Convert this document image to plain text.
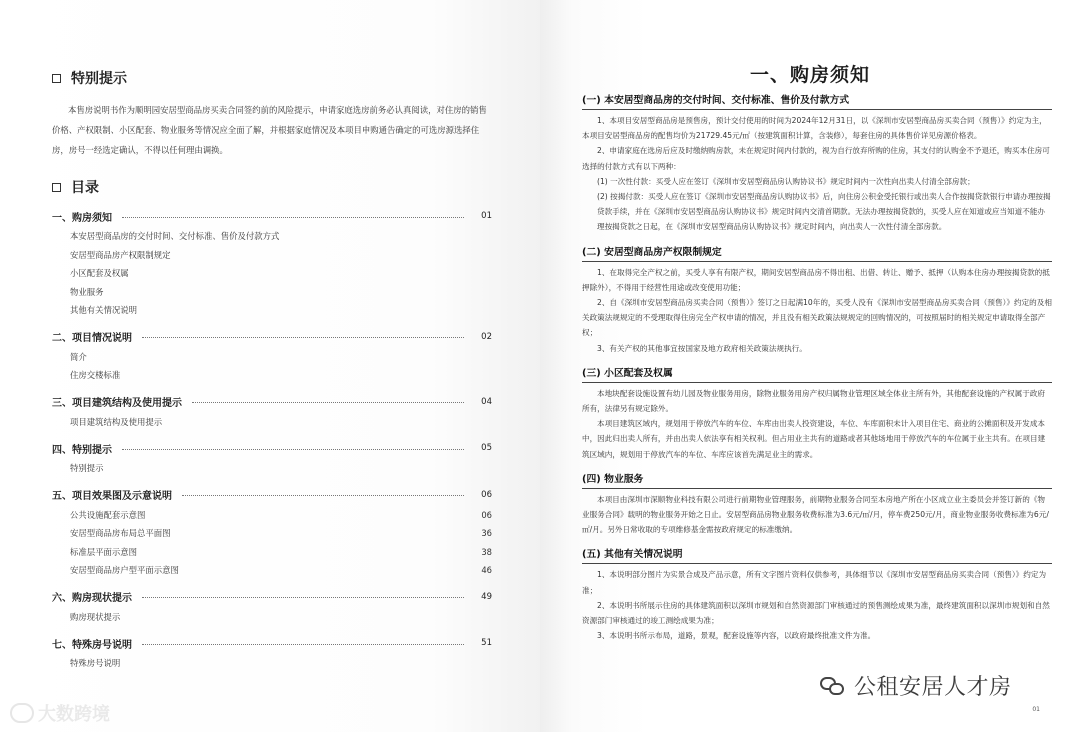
特别提示

本售房说明书作为顺明园安居型商品房买卖合同签约前的风险提示，申请家庭选房前务必认真阅读，对住房的销售价格、产权限制、小区配套、物业服务等情况应全面了解，并根据家庭情况及本项目申购通告确定的可选房源选择住房，房号一经选定确认，不得以任何理由调换。

目录
一、购房须知	01
本安居型商品房的交付时间、交付标准、售价及付款方式
安居型商品房产权限制规定
小区配套及权属
物业服务
其他有关情况说明
二、项目情况说明	02
简介
住房交楼标准
三、项目建筑结构及使用提示	04
项目建筑结构及使用提示
四、特别提示	05
特别提示
五、项目效果图及示意说明	06
公共设施配套示意图	06
安居型商品房布局总平面图	36
标准层平面示意图	38
安居型商品房户型平面示意图	46
六、购房现状提示	49
购房现状提示
七、特殊房号说明	51
特殊房号说明
大数跨境
一、购房须知
(一) 本安居型商品房的交付时间、交付标准、售价及付款方式

1、本项目安居型商品房是预售房，预计交付使用的时间为2024年12月31日，以《深圳市安居型商品房买卖合同（预售）》约定为主，本项目安居型商品房的配售均价为21729.45元/㎡（按建筑面积计算，含装修），每套住房的具体售价详见房源价格表。

2、申请家庭在选房后应及时缴纳购房款，未在规定时间内付款的，视为自行放弃所购的住房，其支付的认购金不予退还，购买本住房可选择的付款方式有以下两种：

(1) 一次性付款：买受人应在签订《深圳市安居型商品房认购协议书》规定时间内一次性向出卖人付清全部房款；

(2) 按揭付款：买受人应在签订《深圳市安居型商品房认购协议书》后，向住房公积金受托银行或出卖人合作按揭贷款银行申请办理按揭贷款手续，并在《深圳市安居型商品房认购协议书》规定时间内交清首期款。无法办理按揭贷款的，买受人应在知道或应当知道不能办理按揭贷款之日起，在《深圳市安居型商品房认购协议书》规定时间内，向出卖人一次性付清全部房款。

(二) 安居型商品房产权限制规定

1、在取得完全产权之前，买受人享有有限产权，期间安居型商品房不得出租、出借、转让、赠予、抵押（认购本住房办理按揭贷款的抵押除外），不得用于经营性用途或改变使用功能；

2、自《深圳市安居型商品房买卖合同（预售）》签订之日起满10年的，买受人没有《深圳市安居型商品房买卖合同（预售）》约定的及相关政策法规规定的不受理取得住房完全产权申请的情况，并且没有相关政策法规规定的回购情况的，可按照届时的相关规定申请取得全部产权；

3、有关产权的其他事宜按国家及地方政府相关政策法规执行。

(三) 小区配套及权属

本地块配套设施设置有幼儿园及物业服务用房，除物业服务用房产权归属物业管理区域全体业主所有外，其他配套设施的产权属于政府所有，法律另有规定除外。

本项目建筑区域内，规划用于停放汽车的车位、车库由出卖人投资建设，车位、车库面积未计入项目住宅、商业的公摊面积及开发成本中，因此归出卖人所有，并由出卖人依法享有相关权利。但占用业主共有的道路或者其他场地用于停放汽车的车位属于业主共有。在项目建筑区域内，规划用于停放汽车的车位、车库应该首先满足业主的需求。

(四) 物业服务

本项目由深圳市深顺物业科技有限公司进行前期物业管理服务，前期物业服务合同至本房地产所在小区成立业主委员会并签订新的《物业服务合同》载明的物业服务开始之日止。安居型商品房物业服务收费标准为3.6元/㎡/月，停车费250元/月，商业物业服务收费标准为6元/㎡/月。另外日常收取的专项维修基金需按政府规定的标准缴纳。

(五) 其他有关情况说明

1、本说明部分图片为实景合成及产品示意，所有文字图片资料仅供参考，具体细节以《深圳市安居型商品房买卖合同（预售）》约定为准；

2、本说明书所展示住房的具体建筑面积以深圳市规划和自然资源部门审核通过的预售测绘成果为准，最终建筑面积以深圳市规划和自然资源部门审核通过的竣工测绘成果为准；

3、本说明书所示布局，道路，景观，配套设施等内容，以政府最终批准文件为准。

公租安居人才房
01
